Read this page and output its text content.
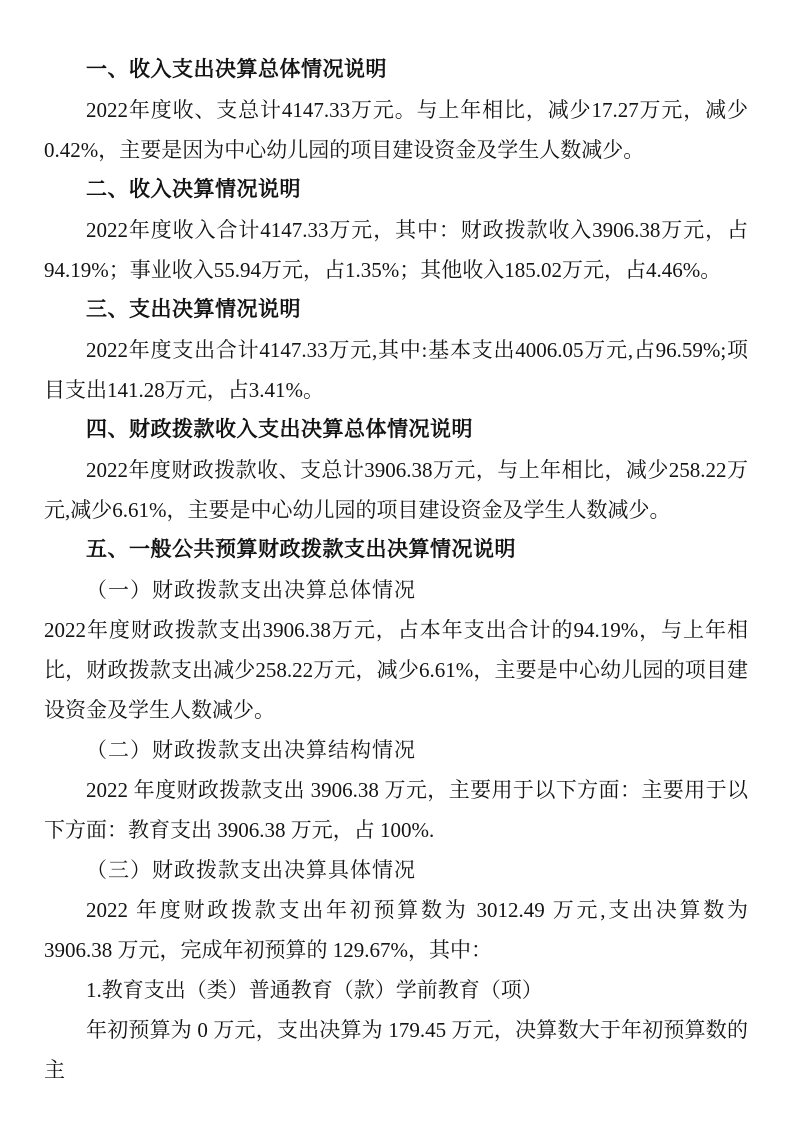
一、收入支出决算总体情况说明

2022年度收、支总计4147.33万元。与上年相比，减少17.27万元，减少0.42%，主要是因为中心幼儿园的项目建设资金及学生人数减少。

二、收入决算情况说明

2022年度收入合计4147.33万元，其中：财政拨款收入3906.38万元，占94.19%；事业收入55.94万元，占1.35%；其他收入185.02万元，占4.46%。

三、支出决算情况说明

2022年度支出合计4147.33万元,其中:基本支出4006.05万元,占96.59%;项目支出141.28万元，占3.41%。

四、财政拨款收入支出决算总体情况说明

2022年度财政拨款收、支总计3906.38万元，与上年相比，减少258.22万元,减少6.61%，主要是中心幼儿园的项目建设资金及学生人数减少。

五、一般公共预算财政拨款支出决算情况说明

（一）财政拨款支出决算总体情况

2022年度财政拨款支出3906.38万元，占本年支出合计的94.19%，与上年相比，财政拨款支出减少258.22万元，减少6.61%，主要是中心幼儿园的项目建设资金及学生人数减少。

（二）财政拨款支出决算结构情况

2022 年度财政拨款支出 3906.38 万元，主要用于以下方面：主要用于以下方面：教育支出 3906.38 万元，占 100%.

（三）财政拨款支出决算具体情况

2022 年度财政拨款支出年初预算数为 3012.49 万元,支出决算数为 3906.38 万元，完成年初预算的 129.67%，其中：

1.教育支出（类）普通教育（款）学前教育（项）

年初预算为 0 万元，支出决算为 179.45 万元，决算数大于年初预算数的主
